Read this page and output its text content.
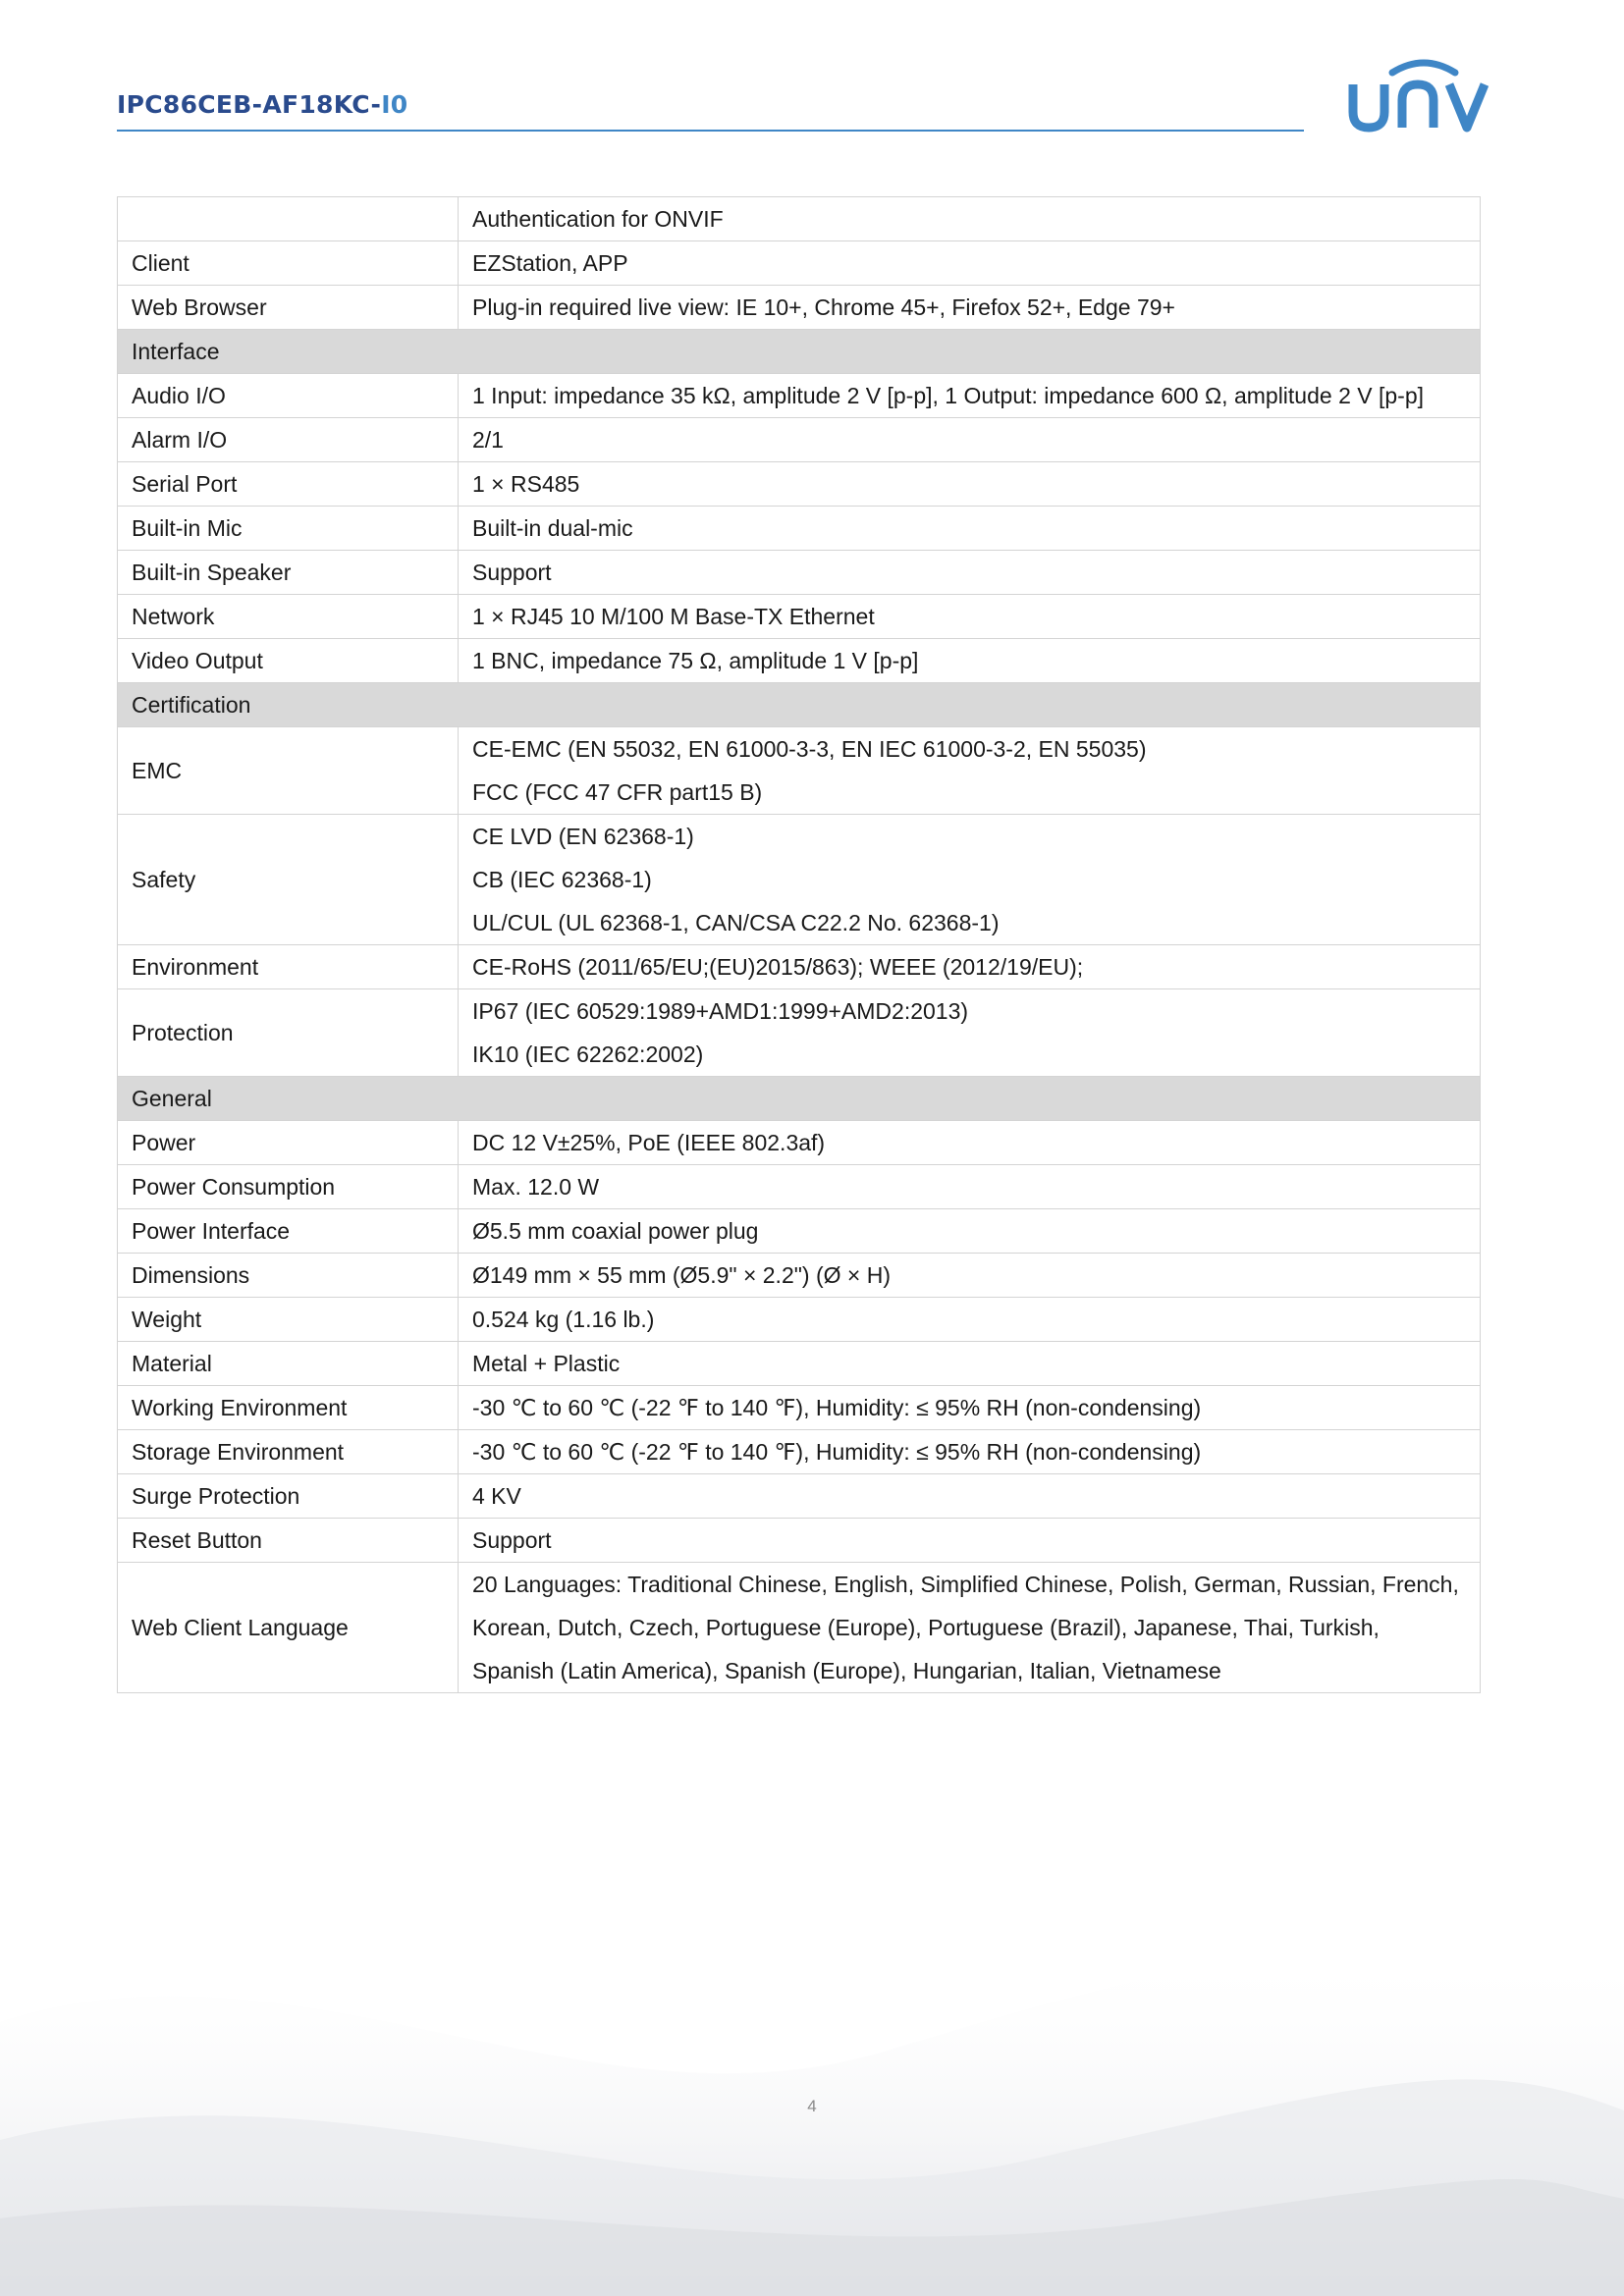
IPC86CEB-AF18KC-I0

	Authentication for ONVIF

Client	EZStation, APP

Web Browser	Plug-in required live view: IE 10+, Chrome 45+, Firefox 52+, Edge 79+

Interface	
Audio I/O	1 Input: impedance 35 kΩ, amplitude 2 V [p-p], 1 Output: impedance 600 Ω, amplitude 2 V [p-p]

Alarm I/O	2/1

Serial Port	1 × RS485

Built-in Mic	Built-in dual-mic

Built-in Speaker	Support

Network	1 × RJ45 10 M/100 M Base-TX Ethernet

Video Output	1 BNC, impedance 75 Ω, amplitude 1 V [p-p]

Certification	
EMC	CE-EMC (EN 55032, EN 61000-3-3, EN IEC 61000-3-2, EN 55035)
FCC (FCC 47 CFR part15 B)

Safety	CE LVD (EN 62368-1)
CB (IEC 62368-1)
UL/CUL (UL 62368-1, CAN/CSA C22.2 No. 62368-1)

Environment	CE-RoHS (2011/65/EU;(EU)2015/863); WEEE (2012/19/EU);

Protection	IP67 (IEC 60529:1989+AMD1:1999+AMD2:2013)
IK10 (IEC 62262:2002)

General	
Power	DC 12 V±25%, PoE (IEEE 802.3af)

Power Consumption	Max. 12.0 W

Power Interface	Ø5.5 mm coaxial power plug

Dimensions	Ø149 mm × 55 mm (Ø5.9" × 2.2") (Ø × H)

Weight	0.524 kg (1.16 lb.)

Material	Metal + Plastic

Working Environment	-30 ℃ to 60 ℃ (-22 ℉ to 140 ℉), Humidity: ≤ 95% RH (non-condensing)

Storage Environment	-30 ℃ to 60 ℃ (-22 ℉ to 140 ℉), Humidity: ≤ 95% RH (non-condensing)

Surge Protection	4 KV

Reset Button	Support

Web Client Language	20 Languages: Traditional Chinese, English, Simplified Chinese, Polish, German, Russian, French,
Korean, Dutch, Czech, Portuguese (Europe), Portuguese (Brazil), Japanese, Thai, Turkish,
Spanish (Latin America), Spanish (Europe), Hungarian, Italian, Vietnamese
4
